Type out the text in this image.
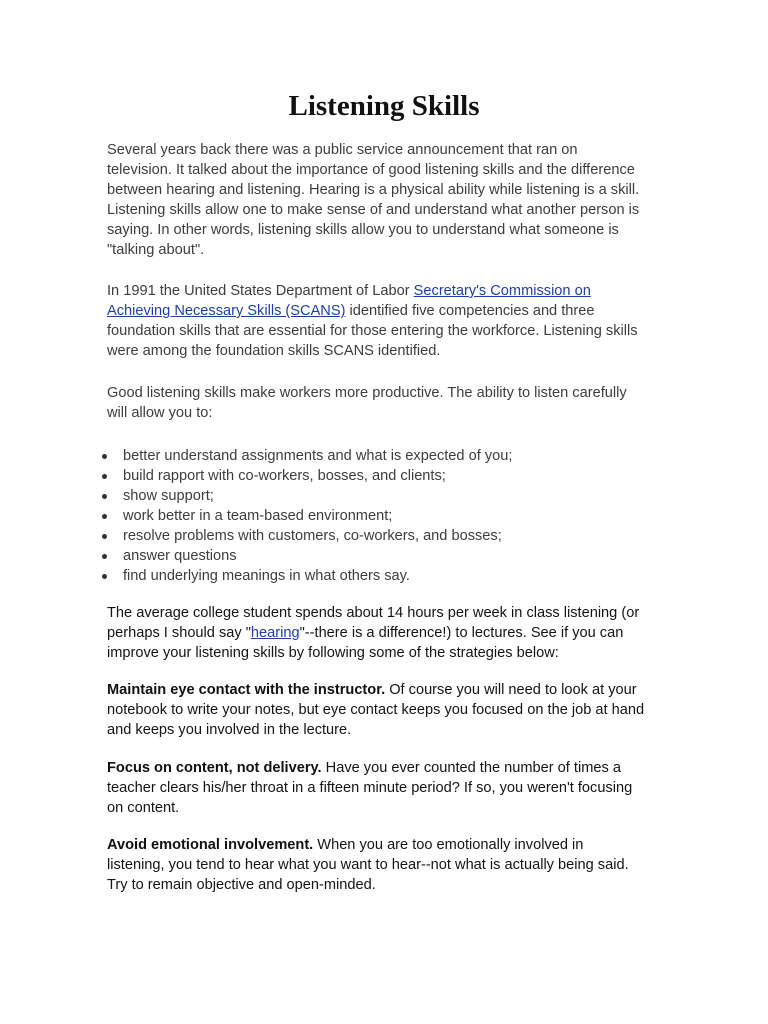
Listening Skills

Several years back there was a public service announcement that ran on
television. It talked about the importance of good listening skills and the difference
between hearing and listening. Hearing is a physical ability while listening is a skill.
Listening skills allow one to make sense of and understand what another person is
saying. In other words, listening skills allow you to understand what someone is
"talking about".

In 1991 the United States Department of Labor Secretary's Commission on
Achieving Necessary Skills (SCANS) identified five competencies and three
foundation skills that are essential for those entering the workforce. Listening skills
were among the foundation skills SCANS identified.

Good listening skills make workers more productive. The ability to listen carefully
will allow you to:

better understand assignments and what is expected of you;
build rapport with co-workers, bosses, and clients;
show support;
work better in a team-based environment;
resolve problems with customers, co-workers, and bosses;
answer questions
find underlying meanings in what others say.

The average college student spends about 14 hours per week in class listening (or
perhaps I should say "hearing"--there is a difference!) to lectures. See if you can
improve your listening skills by following some of the strategies below:

Maintain eye contact with the instructor. Of course you will need to look at your
notebook to write your notes, but eye contact keeps you focused on the job at hand
and keeps you involved in the lecture.

Focus on content, not delivery. Have you ever counted the number of times a
teacher clears his/her throat in a fifteen minute period? If so, you weren't focusing
on content.

Avoid emotional involvement. When you are too emotionally involved in
listening, you tend to hear what you want to hear--not what is actually being said.
Try to remain objective and open-minded.
